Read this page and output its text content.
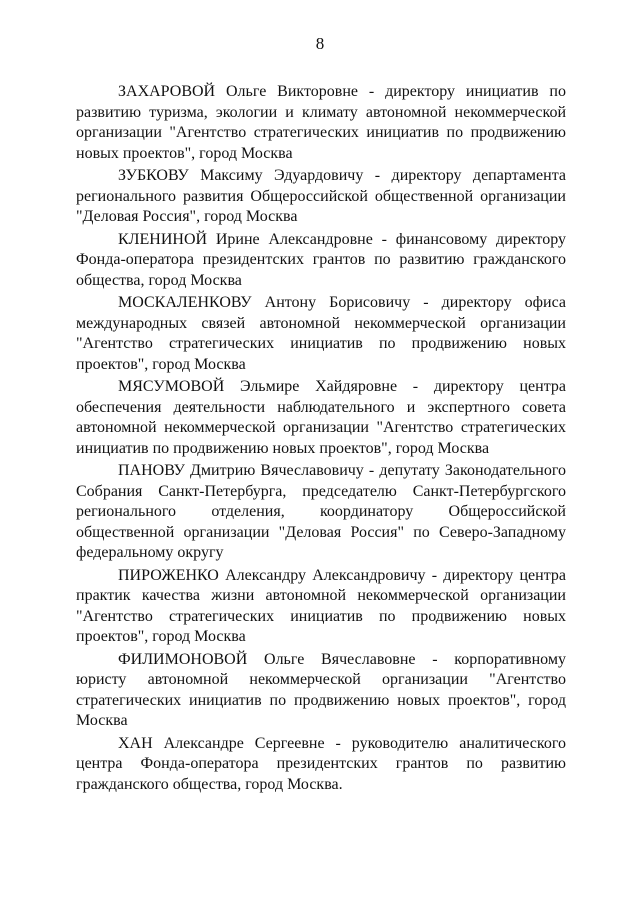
8

ЗАХАРОВОЙ Ольге Викторовне - директору инициатив по развитию туризма, экологии и климату автономной некоммерческой организации "Агентство стратегических инициатив по продвижению новых проектов", город Москва

ЗУБКОВУ Максиму Эдуардовичу - директору департамента регионального развития Общероссийской общественной организации "Деловая Россия", город Москва

КЛЕНИНОЙ Ирине Александровне - финансовому директору Фонда-оператора президентских грантов по развитию гражданского общества, город Москва

МОСКАЛЕНКОВУ Антону Борисовичу - директору офиса международных связей автономной некоммерческой организации "Агентство стратегических инициатив по продвижению новых проектов", город Москва

МЯСУМОВОЙ Эльмире Хайдяровне - директору центра обеспечения деятельности наблюдательного и экспертного совета автономной некоммерческой организации "Агентство стратегических инициатив по продвижению новых проектов", город Москва

ПАНОВУ Дмитрию Вячеславовичу - депутату Законодательного Собрания Санкт-Петербурга, председателю Санкт-Петербургского регионального отделения, координатору Общероссийской общественной организации "Деловая Россия" по Северо-Западному федеральному округу

ПИРОЖЕНКО Александру Александровичу - директору центра практик качества жизни автономной некоммерческой организации "Агентство стратегических инициатив по продвижению новых проектов", город Москва

ФИЛИМОНОВОЙ Ольге Вячеславовне - корпоративному юристу автономной некоммерческой организации "Агентство стратегических инициатив по продвижению новых проектов", город Москва

ХАН Александре Сергеевне - руководителю аналитического центра Фонда-оператора президентских грантов по развитию гражданского общества, город Москва.
